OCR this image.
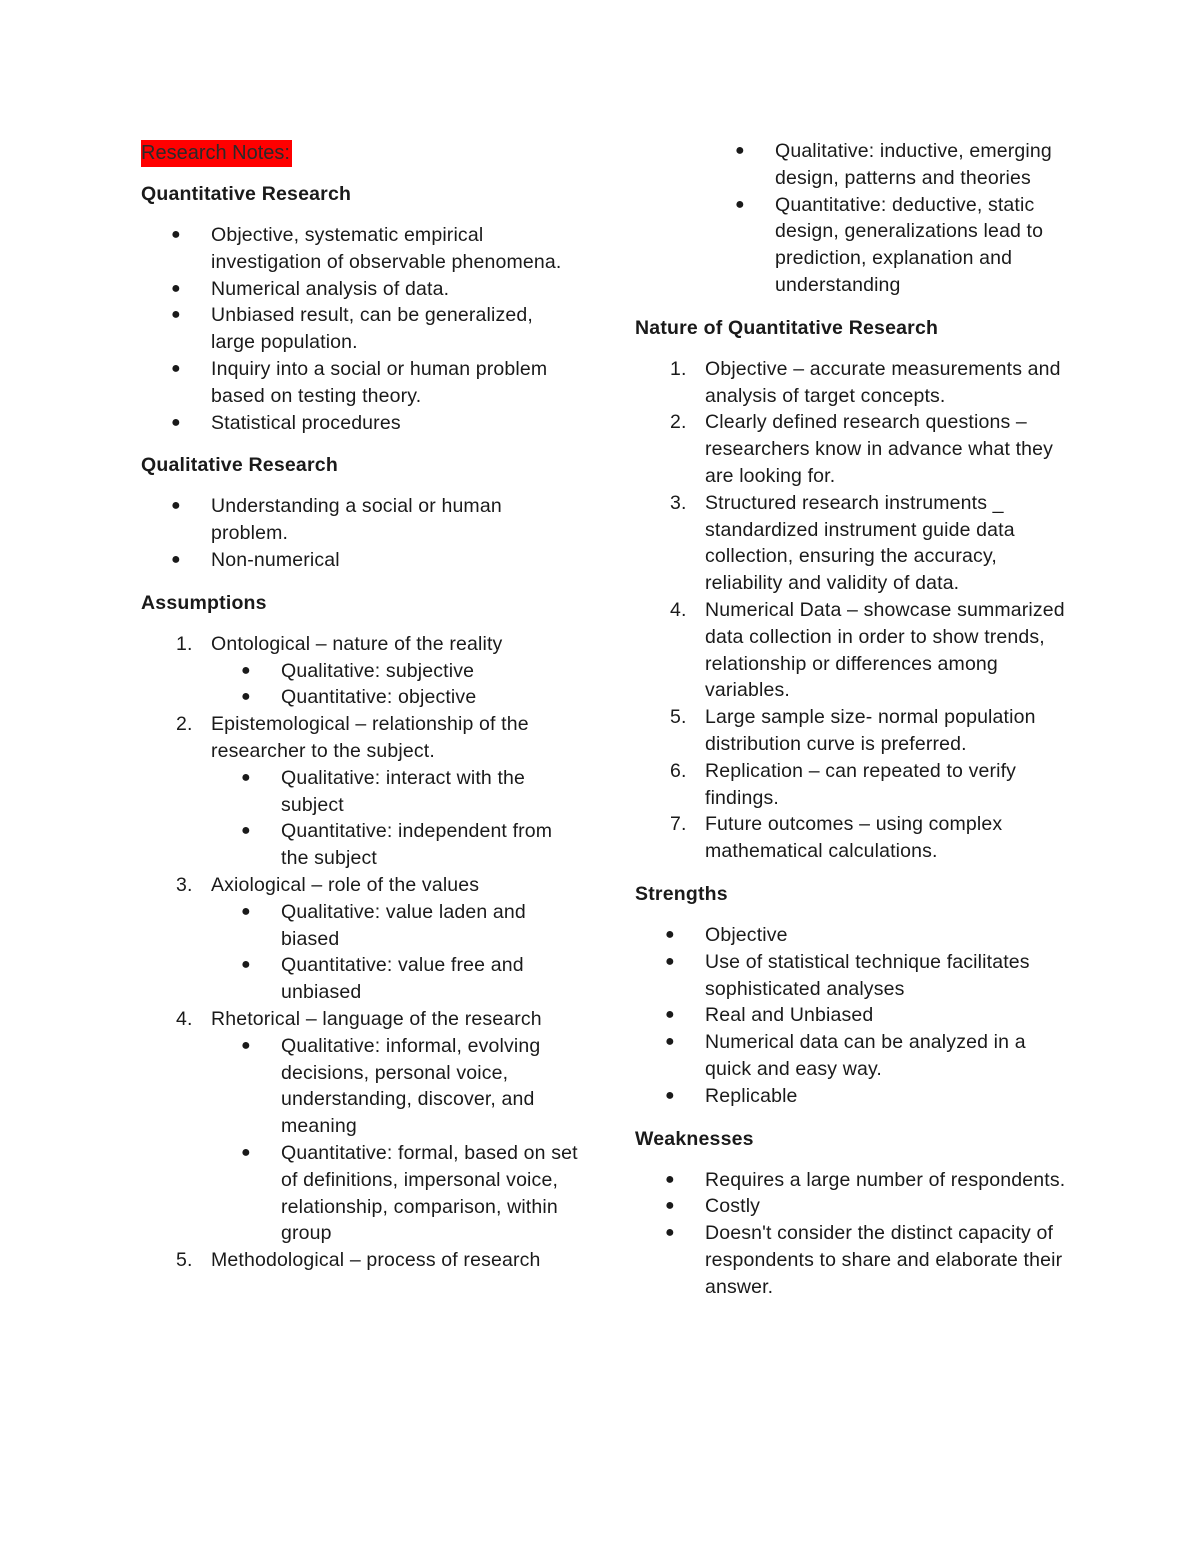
Research Notes:
Quantitative Research
●	Objective, systematic empirical investigation of observable phenomena.
●	Numerical analysis of data.
●	Unbiased result, can be generalized, large population.
●	Inquiry into a social or human problem based on testing theory.
●	Statistical procedures
Qualitative Research
●	Understanding a social or human problem.
●	Non-numerical
Assumptions
1. Ontological – nature of the reality
●	Qualitative: subjective
●	Quantitative: objective
2. Epistemological – relationship of the researcher to the subject.
●	Qualitative: interact with the subject
●	Quantitative: independent from the subject
3. Axiological – role of the values
●	Qualitative: value laden and biased
●	Quantitative: value free and unbiased
4. Rhetorical – language of the research
●	Qualitative: informal, evolving decisions, personal voice, understanding, discover, and meaning
●	Quantitative: formal, based on set of definitions, impersonal voice, relationship, comparison, within group
5. Methodological – process of research
●	Qualitative: inductive, emerging design, patterns and theories
●	Quantitative: deductive, static design, generalizations lead to prediction, explanation and understanding
Nature of Quantitative Research
1. Objective – accurate measurements and analysis of target concepts.
2. Clearly defined research questions – researchers know in advance what they are looking for.
3. Structured research instruments _ standardized instrument guide data collection, ensuring the accuracy, reliability and validity of data.
4. Numerical Data – showcase summarized data collection in order to show trends, relationship or differences among variables.
5. Large sample size- normal population distribution curve is preferred.
6. Replication – can repeated to verify findings.
7. Future outcomes – using complex mathematical calculations.
Strengths
●	Objective
●	Use of statistical technique facilitates sophisticated analyses
●	Real and Unbiased
●	Numerical data can be analyzed in a quick and easy way.
●	Replicable
Weaknesses
●	Requires a large number of respondents.
●	Costly
●	Doesn't consider the distinct capacity of respondents to share and elaborate their answer.
